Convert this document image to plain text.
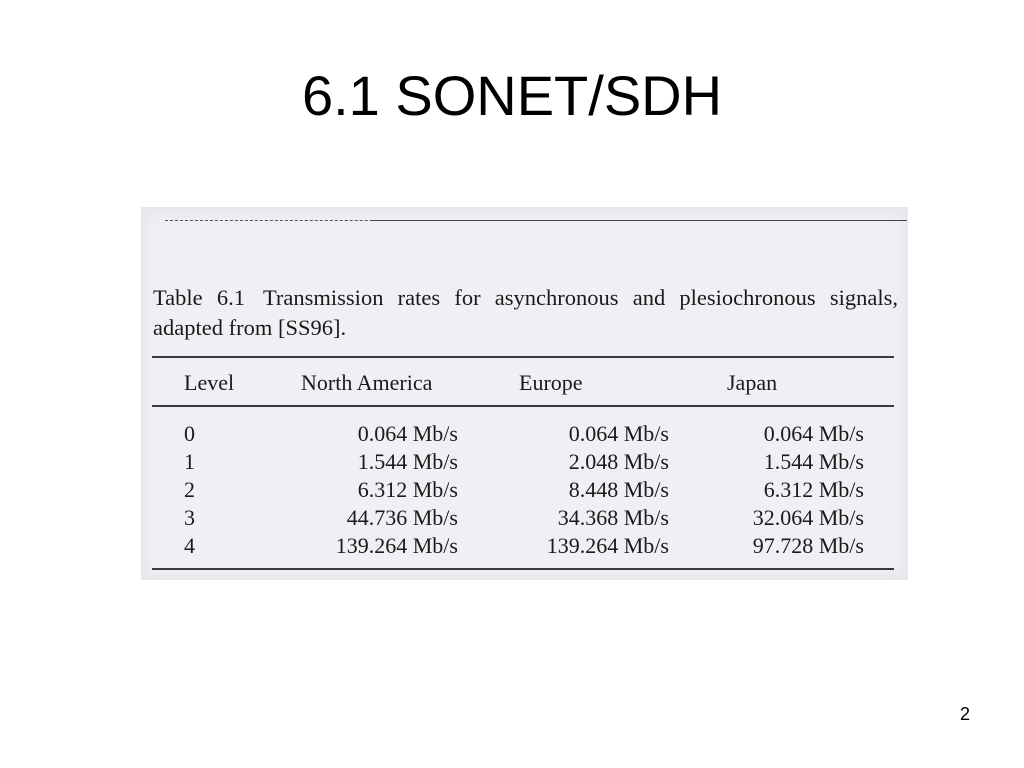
6.1 SONET/SDH

Table 6.1 Transmission rates for asynchronous and plesiochronous signals, adapted from [SS96].

Level	North America	Europe	Japan
0	0.064 Mb/s	0.064 Mb/s	0.064 Mb/s
1	1.544 Mb/s	2.048 Mb/s	1.544 Mb/s
2	6.312 Mb/s	8.448 Mb/s	6.312 Mb/s
3	44.736 Mb/s	34.368 Mb/s	32.064 Mb/s
4	139.264 Mb/s	139.264 Mb/s	97.728 Mb/s
2
